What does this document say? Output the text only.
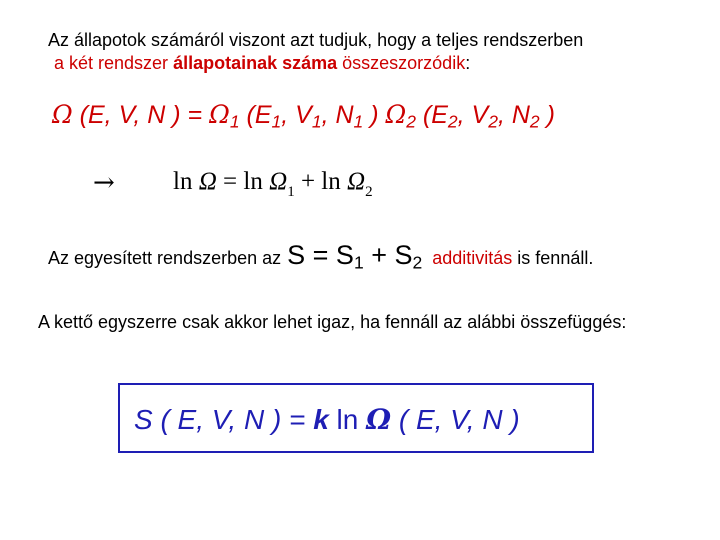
Az állapotok számáról viszont azt tudjuk, hogy a teljes rendszerben
a két rendszer állapotainak száma összeszorzódik:
Ω (E, V, N ) = $\Omega_1$ ($E_1$, $V_1$, $N_1$ ) $\Omega_2$ ($E_2$, $V_2$, $N_2$ )
→ $\ln \Omega = \ln \Omega_1 + \ln \Omega_2$
Az egyesített rendszerben az $S = S_1 + S_2$ additivitás is fennáll.
A kettő egyszerre csak akkor lehet igaz, ha fennáll az alábbi összefüggés:
S ( E, V, N ) = k ln Ω ( E, V, N )
